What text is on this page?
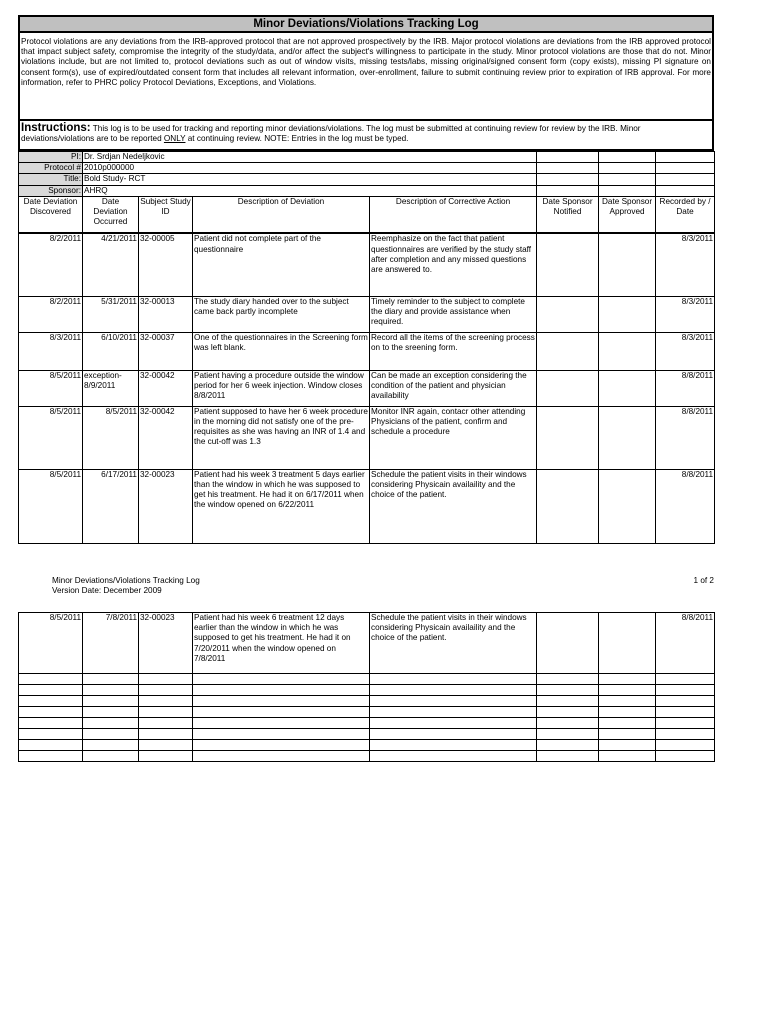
Minor Deviations/Violations Tracking Log
Protocol violations are any deviations from the IRB-approved protocol that are not approved prospectively by the IRB. Major protocol violations are deviations from the IRB approved protocol that impact subject safety, compromise the integrity of the study/data, and/or affect the subject's willingness to participate in the study. Minor protocol violations are those that do not. Minor violations include, but are not limited to, protocol deviations such as out of window visits, missing tests/labs, missing original/signed consent form (copy exists), missing PI signature on consent form(s), use of expired/outdated consent form that includes all relevant information, over-enrollment, failure to submit continuing review prior to expiration of IRB approval. For more information, refer to PHRC policy Protocol Deviations, Exceptions, and Violations.
Instructions: This log is to be used for tracking and reporting minor deviations/violations. The log must be submitted at continuing review for review by the IRB. Minor deviations/violations are to be reported ONLY at continuing review. NOTE: Entries in the log must be typed.
PI:	Dr. Srdjan Nedeljkovic						
Protocol #	2010p000000						
Title:	Bold Study- RCT						
Sponsor:	AHRQ						
Date Deviation Discovered	Date Deviation Occurred	Subject Study ID	Description of Deviation	Description of Corrective Action	Date Sponsor Notified	Date Sponsor Approved	Recorded by / Date
8/2/2011	4/21/2011	32-00005	Patient did not complete part of the questionnaire	Reemphasize on the fact that patient questionnaires are verified by the study staff after completion and any missed questions are answered to.			8/3/2011
8/2/2011	5/31/2011	32-00013	The study diary handed over to the subject came back partly incomplete	Timely reminder to the subject to complete the diary and provide assistance when required.			8/3/2011
8/3/2011	6/10/2011	32-00037	One of the questionnaires in the Screening form was left blank.	Record all the items of the screening process on to the sreening form.			8/3/2011
8/5/2011	exception-8/9/2011	32-00042	Patient having a procedure outside the window period for her 6 week injection. Window closes 8/8/2011	Can be made an exception considering the condition of the patient and physician availability			8/8/2011
8/5/2011	8/5/2011	32-00042	Patient supposed to have her 6 week procedure in the morning did not satisfy one of the pre-requisites as she was having an INR of 1.4 and the cut-off was 1.3	Monitor INR again, contacr other attending Physicians of the patient, confirm and schedule a procedure			8/8/2011
8/5/2011	6/17/2011	32-00023	Patient had his week 3 treatment 5 days earlier than the window in which he was supposed to get his treatment. He had it on 6/17/2011 when the window opened on 6/22/2011	Schedule the patient visits in their windows considering Physicain availaility and the choice of the patient.			8/8/2011
Minor Deviations/Violations Tracking Log
Version Date: December 2009
1 of 2
8/5/2011	7/8/2011	32-00023	Patient had his week 6 treatment 12 days earlier than the window in which he was supposed to get his treatment. He had it on 7/20/2011 when the window opened on 7/8/2011	Schedule the patient visits in their windows considering Physicain availaility and the choice of the patient.			8/8/2011
